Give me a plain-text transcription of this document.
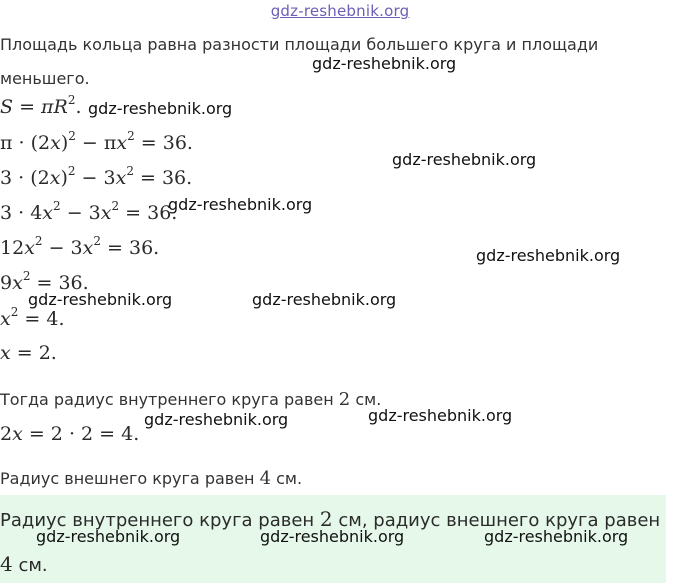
gdz-reshebnik.org
Площадь кольца равна разности площади большего круга и площади
меньшего.
$S = \pi R^2$.
$\pi \cdot (2x)^2 - \pi x^2 = 36$.
$3 \cdot (2x)^2 - 3x^2 = 36$.
$3 \cdot 4x^2 - 3x^2 = 36$.
$12x^2 - 3x^2 = 36$.
$9x^2 = 36$.
$x^2 = 4$.
x = 2.
Тогда радиус внутреннего круга равен 2 см.
2x = 2 · 2 = 4.
Радиус внешнего круга равен 4 см.
Радиус внутреннего круга равен 2 см, радиус внешнего круга равен
4 см.
gdz-reshebnik.org
gdz-reshebnik.org
gdz-reshebnik.org
gdz-reshebnik.org
gdz-reshebnik.org
gdz-reshebnik.org	gdz-reshebnik.org
gdz-reshebnik.org	gdz-reshebnik.org
gdz-reshebnik.org	gdz-reshebnik.org	gdz-reshebnik.org
